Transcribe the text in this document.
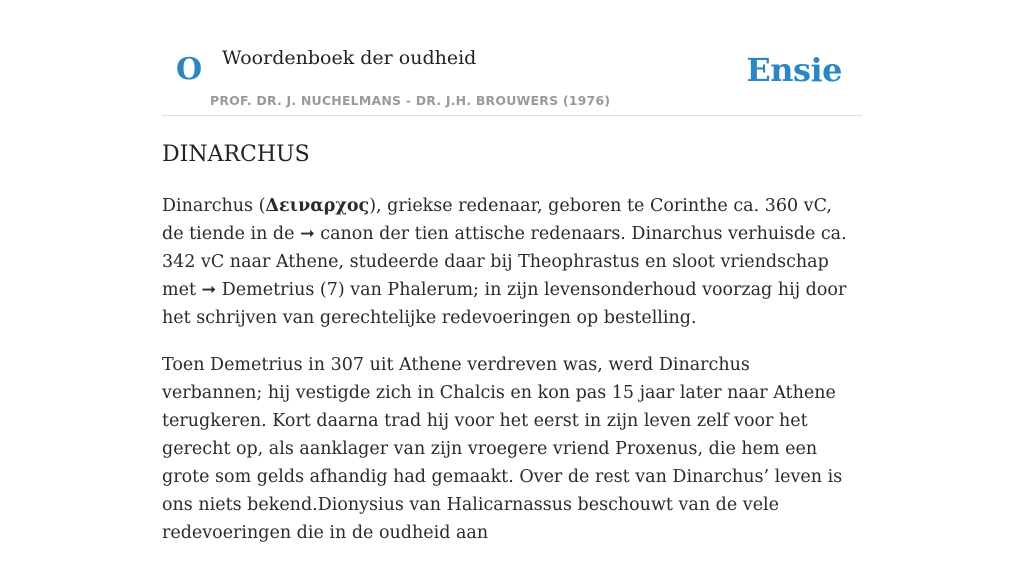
O Woordenboek der oudheid
PROF. DR. J. NUCHELMANS - DR. J.H. BROUWERS (1976)
Ensie
DINARCHUS

Dinarchus (Δειναρχος), griekse redenaar, geboren te Corinthe ca. 360 vC, de tiende in de ➞ canon der tien attische redenaars. Dinarchus verhuisde ca. 342 vC naar Athene, studeerde daar bij Theophrastus en sloot vriendschap met ➞ Demetrius (7) van Phalerum; in zijn levensonderhoud voorzag hij door het schrijven van gerechtelijke redevoeringen op bestelling.

Toen Demetrius in 307 uit Athene verdreven was, werd Dinarchus verbannen; hij vestigde zich in Chalcis en kon pas 15 jaar later naar Athene terugkeren. Kort daarna trad hij voor het eerst in zijn leven zelf voor het gerecht op, als aanklager van zijn vroegere vriend Proxenus, die hem een grote som gelds afhandig had gemaakt. Over de rest van Dinarchus’ leven is ons niets bekend.Dionysius van Halicarnassus beschouwt van de vele redevoeringen die in de oudheid aan
